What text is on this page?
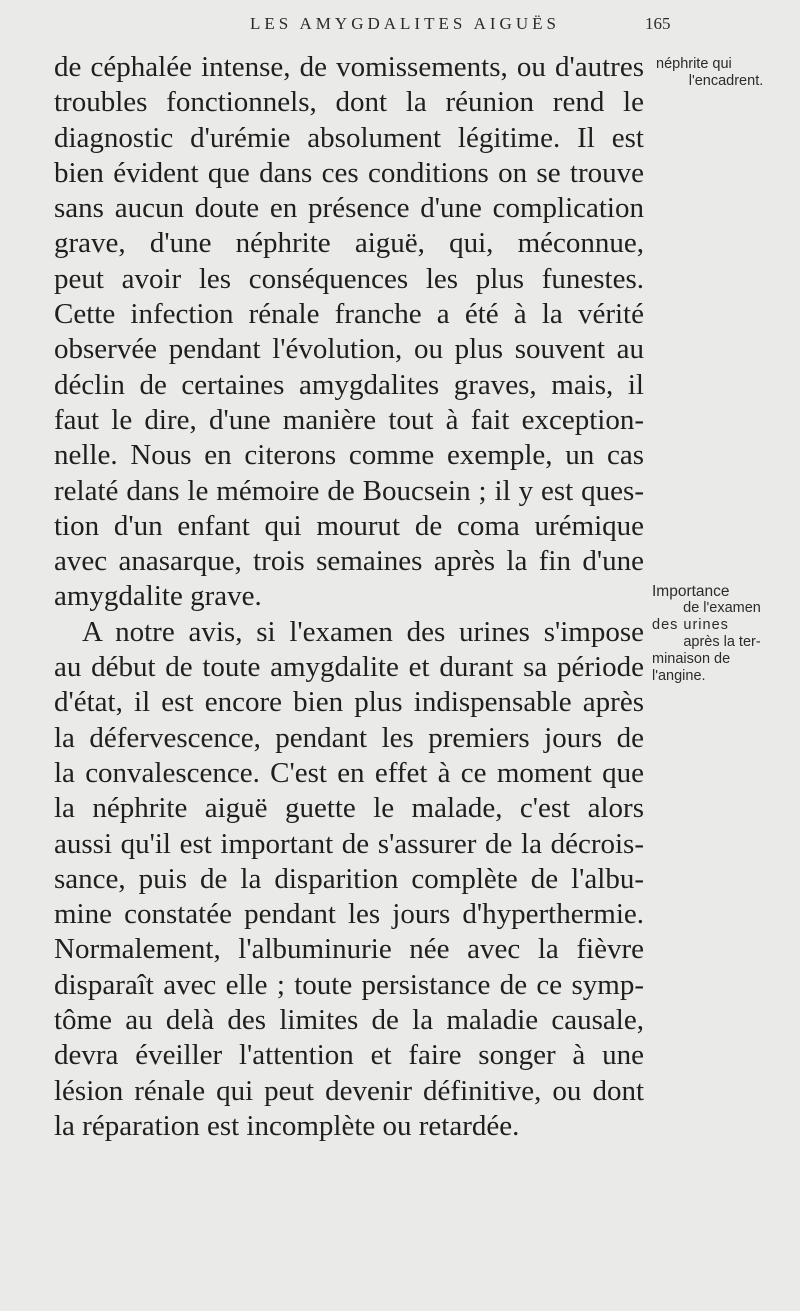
LES AMYGDALITES AIGUËS	165
de céphalée intense, de vomissements, ou d'autres
troubles fonctionnels, dont la réunion rend le
diagnostic d'urémie absolument légitime. Il est
bien évident que dans ces conditions on se trouve
sans aucun doute en présence d'une complication
grave, d'une néphrite aiguë, qui, méconnue,
peut avoir les conséquences les plus funestes.
Cette infection rénale franche a été à la vérité
observée pendant l'évolution, ou plus souvent au
déclin de certaines amygdalites graves, mais, il
faut le dire, d'une manière tout à fait exception-
nelle. Nous en citerons comme exemple, un cas
relaté dans le mémoire de Boucsein ; il y est ques-
tion d'un enfant qui mourut de coma urémique
avec anasarque, trois semaines après la fin d'une
amygdalite grave.
A notre avis, si l'examen des urines s'impose
au début de toute amygdalite et durant sa période
d'état, il est encore bien plus indispensable après
la défervescence, pendant les premiers jours de
la convalescence. C'est en effet à ce moment que
la néphrite aiguë guette le malade, c'est alors
aussi qu'il est important de s'assurer de la décrois-
sance, puis de la disparition complète de l'albu-
mine constatée pendant les jours d'hyperthermie.
Normalement, l'albuminurie née avec la fièvre
disparaît avec elle ; toute persistance de ce symp-
tôme au delà des limites de la maladie causale,
devra éveiller l'attention et faire songer à une
lésion rénale qui peut devenir définitive, ou dont
la réparation est incomplète ou retardée.
néphrite qui
l'encadrent.
Importance
de l'examen
des urines
après la ter-
minaison de
l'angine.
